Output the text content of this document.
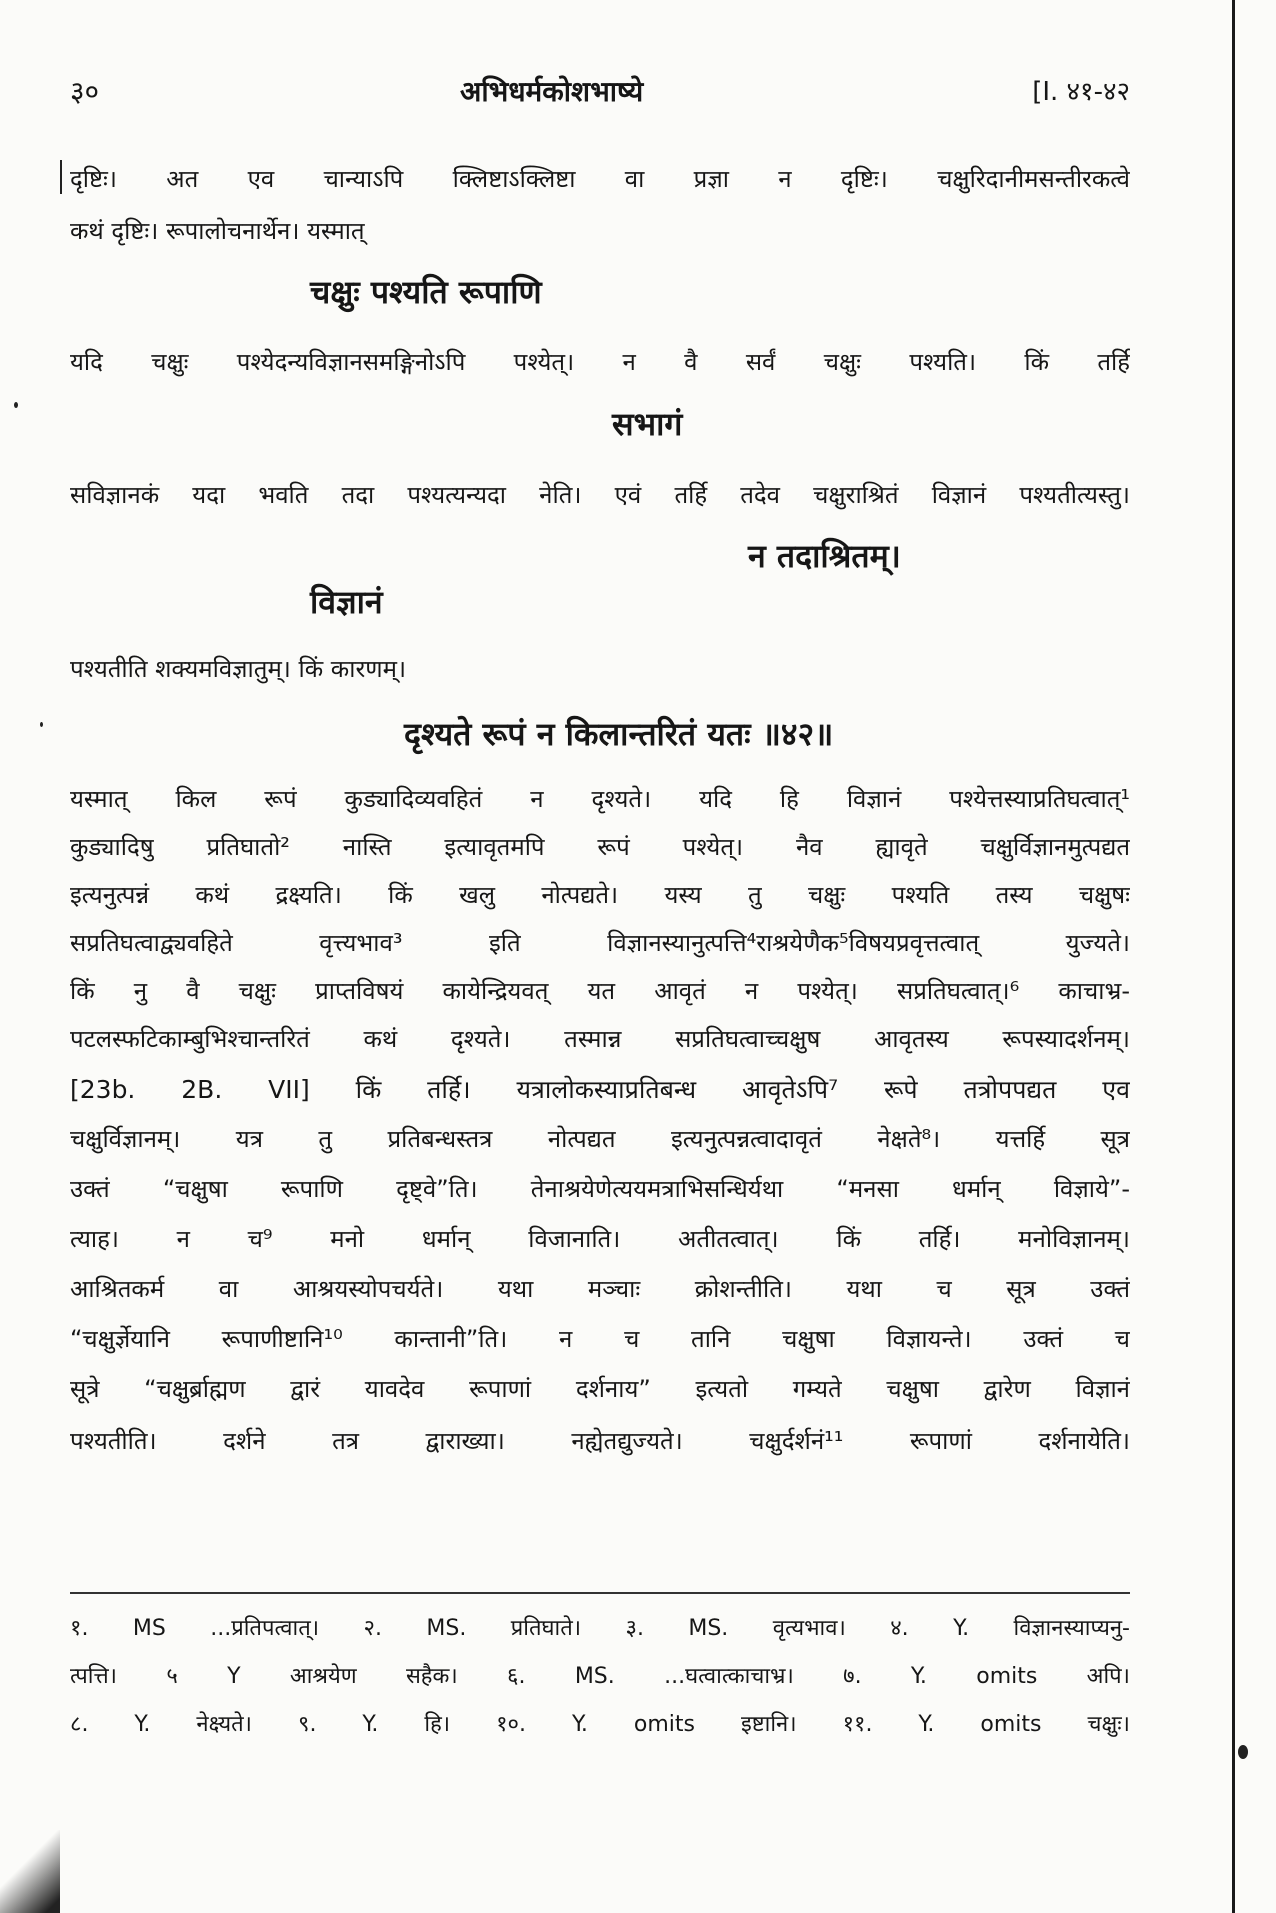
३०	अभिधर्मकोशभाष्ये	[I. ४१-४२
दृष्टिः। अत एव चान्याऽपि क्लिष्टाऽक्लिष्टा वा प्रज्ञा न दृष्टिः। चक्षुरिदानीमसन्तीरकत्वे
कथं दृष्टिः। रूपालोचनार्थेन। यस्मात्
चक्षुः पश्यति रूपाणि
यदि चक्षुः पश्येदन्यविज्ञानसमङ्गिनोऽपि पश्येत्। न वै सर्वं चक्षुः पश्यति। किं तर्हि
सभागं
सविज्ञानकं यदा भवति तदा पश्यत्यन्यदा नेति। एवं तर्हि तदेव चक्षुराश्रितं विज्ञानं पश्यतीत्यस्तु।
न तदाश्रितम्।
विज्ञानं
पश्यतीति शक्यमविज्ञातुम्। किं कारणम्।
दृश्यते रूपं न किलान्तरितं यतः ॥४२॥
यस्मात् किल रूपं कुड्यादिव्यवहितं न दृश्यते। यदि हि विज्ञानं पश्येत्तस्याप्रतिघत्वात्¹
कुड्यादिषु प्रतिघातो² नास्ति इत्यावृतमपि रूपं पश्येत्। नैव ह्यावृते चक्षुर्विज्ञानमुत्पद्यत
इत्यनुत्पन्नं कथं द्रक्ष्यति। किं खलु नोत्पद्यते। यस्य तु चक्षुः पश्यति तस्य चक्षुषः
सप्रतिघत्वाद्व्यवहिते वृत्त्यभाव³ इति विज्ञानस्यानुत्पत्ति⁴राश्रयेणैक⁵विषयप्रवृत्तत्वात् युज्यते।
किं नु वै चक्षुः प्राप्तविषयं कायेन्द्रियवत् यत आवृतं न पश्येत्। सप्रतिघत्वात्।⁶ काचाभ्र-
पटलस्फटिकाम्बुभिश्चान्तरितं कथं दृश्यते। तस्मान्न सप्रतिघत्वाच्चक्षुष आवृतस्य रूपस्यादर्शनम्।
[23b. 2B. VII] किं तर्हि। यत्रालोकस्याप्रतिबन्ध आवृतेऽपि⁷ रूपे तत्रोपपद्यत एव
चक्षुर्विज्ञानम्। यत्र तु प्रतिबन्धस्तत्र नोत्पद्यत इत्यनुत्पन्नत्वादावृतं नेक्षते⁸। यत्तर्हि सूत्र
उक्तं “चक्षुषा रूपाणि दृष्ट्वे”ति। तेनाश्रयेणेत्ययमत्राभिसन्धिर्यथा “मनसा धर्मान् विज्ञाये”-
त्याह। न च⁹ मनो धर्मान् विजानाति। अतीतत्वात्। किं तर्हि। मनोविज्ञानम्।
आश्रितकर्म वा आश्रयस्योपचर्यते। यथा मञ्चाः क्रोशन्तीति। यथा च सूत्र उक्तं
“चक्षुर्ज्ञेयानि रूपाणीष्टानि¹⁰ कान्तानी”ति। न च तानि चक्षुषा विज्ञायन्ते। उक्तं च
सूत्रे “चक्षुर्ब्राह्मण द्वारं यावदेव रूपाणां दर्शनाय” इत्यतो गम्यते चक्षुषा द्वारेण विज्ञानं
पश्यतीति। दर्शने तत्र द्वाराख्या। नह्येतद्युज्यते। चक्षुर्दर्शनं¹¹ रूपाणां दर्शनायेति।
१. MS ...प्रतिपत्वात्। २. MS. प्रतिघाते। ३. MS. वृत्यभाव। ४. Y. विज्ञानस्याप्यनु-
त्पत्ति। ५ Y आश्रयेण सहैक। ६. MS. ...घत्वात्काचाभ्र। ७. Y. omits अपि।
८. Y. नेक्ष्यते। ९. Y. हि। १०. Y. omits इष्टानि। ११. Y. omits चक्षुः।
